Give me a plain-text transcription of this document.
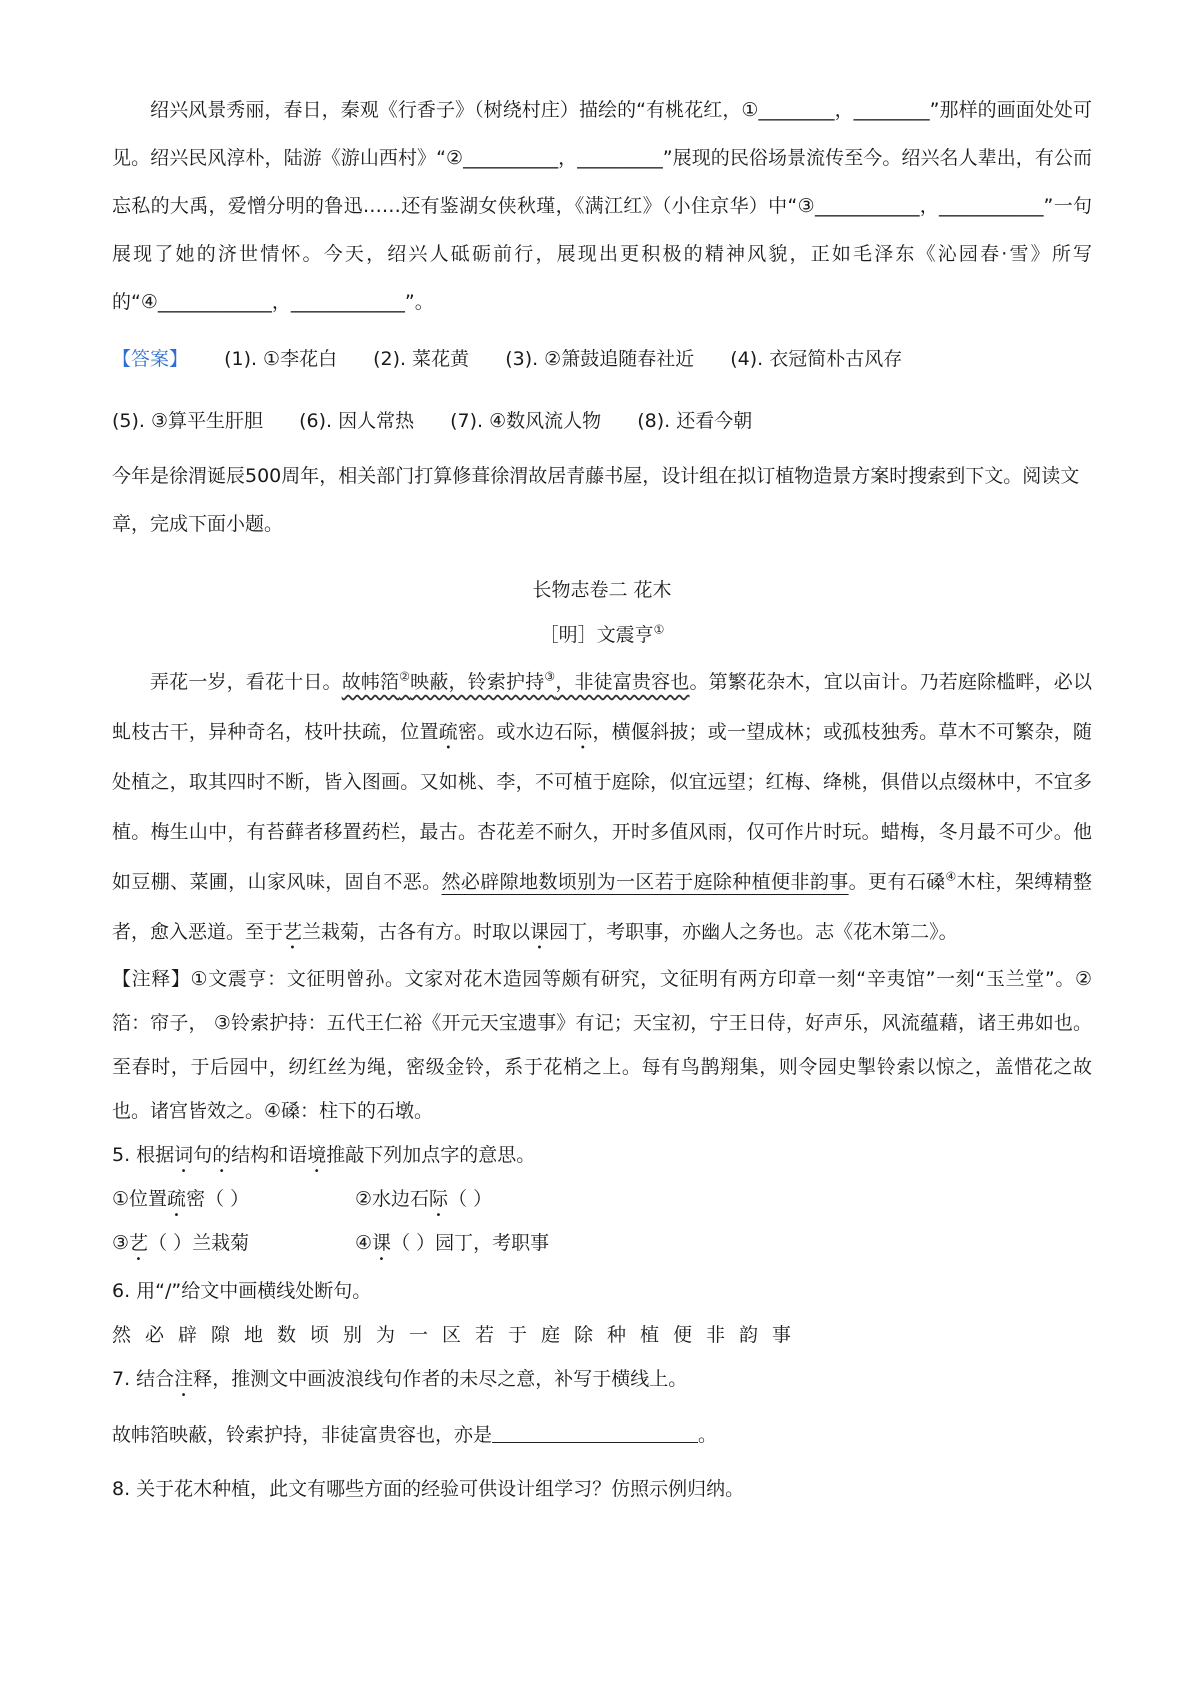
绍兴风景秀丽，春日，秦观《行香子》（树绕村庄）描绘的“有桃花红，①________，________”那样的画面处处可见。绍兴民风淳朴，陆游《游山西村》“②__________，_________”展现的民俗场景流传至今。绍兴名人辈出，有公而忘私的大禹，爱憎分明的鲁迅……还有鉴湖女侠秋瑾，《满江红》（小住京华）中“③___________，___________”一句展现了她的济世情怀。今天，绍兴人砥砺前行，展现出更积极的精神风貌，正如毛泽东《沁园春·雪》所写的“④____________，____________”。

【答案】 (1). ①李花白 (2). 菜花黄 (3). ②箫鼓追随春社近 (4). 衣冠简朴古风存 (5). ③算平生肝胆 (6). 因人常热 (7). ④数风流人物 (8). 还看今朝

今年是徐渭诞辰500周年，相关部门打算修葺徐渭故居青藤书屋，设计组在拟订植物造景方案时搜索到下文。阅读文章，完成下面小题。

长物志卷二 花木

［明］文震亨①

弄花一岁，看花十日。故帏箔②映蔽，铃索护持③，非徒富贵容也。第繁花杂木，宜以亩计。乃若庭除槛畔，必以虬枝古干，异种奇名，枝叶扶疏，位置疏密。或水边石际，横偃斜披；或一望成林；或孤枝独秀。草木不可繁杂，随处植之，取其四时不断，皆入图画。又如桃、李，不可植于庭除，似宜远望；红梅、绛桃，俱借以点缀林中，不宜多植。梅生山中，有苔藓者移置药栏，最古。杏花差不耐久，开时多值风雨，仅可作片时玩。蜡梅，冬月最不可少。他如豆棚、菜圃，山家风味，固自不恶。然必辟隙地数顷别为一区若于庭除种植便非韵事。更有石磉④木柱，架缚精整者，愈入恶道。至于艺兰栽菊，古各有方。时取以课园丁，考职事，亦幽人之务也。志《花木第二》。

【注释】①文震亨：文征明曾孙。文家对花木造园等颇有研究，文征明有两方印章一刻“辛夷馆”一刻“玉兰堂”。②箔：帘子， ③铃索护持：五代王仁裕《开元天宝遗事》有记；天宝初，宁王日侍，好声乐，风流蕴藉，诸王弗如也。至春时，于后园中，纫红丝为绳，密级金铃，系于花梢之上。每有鸟鹊翔集，则令园史掣铃索以惊之，盖惜花之故也。诸宫皆效之。④磉：柱下的石墩。

5. 根据词句的结构和语境推敲下列加点字的意思。

①位置疏密（ ）	②水边石际（ ）
③艺（ ）兰栽菊	④课（ ）园丁，考职事

6. 用“/”给文中画横线处断句。

然必辟隙地数顷别为一区若于庭除种植便非韵事

7. 结合注释，推测文中画波浪线句作者的未尽之意，补写于横线上。

故帏箔映蔽，铃索护持，非徒富贵容也，亦是	。

8. 关于花木种植，此文有哪些方面的经验可供设计组学习？仿照示例归纳。
